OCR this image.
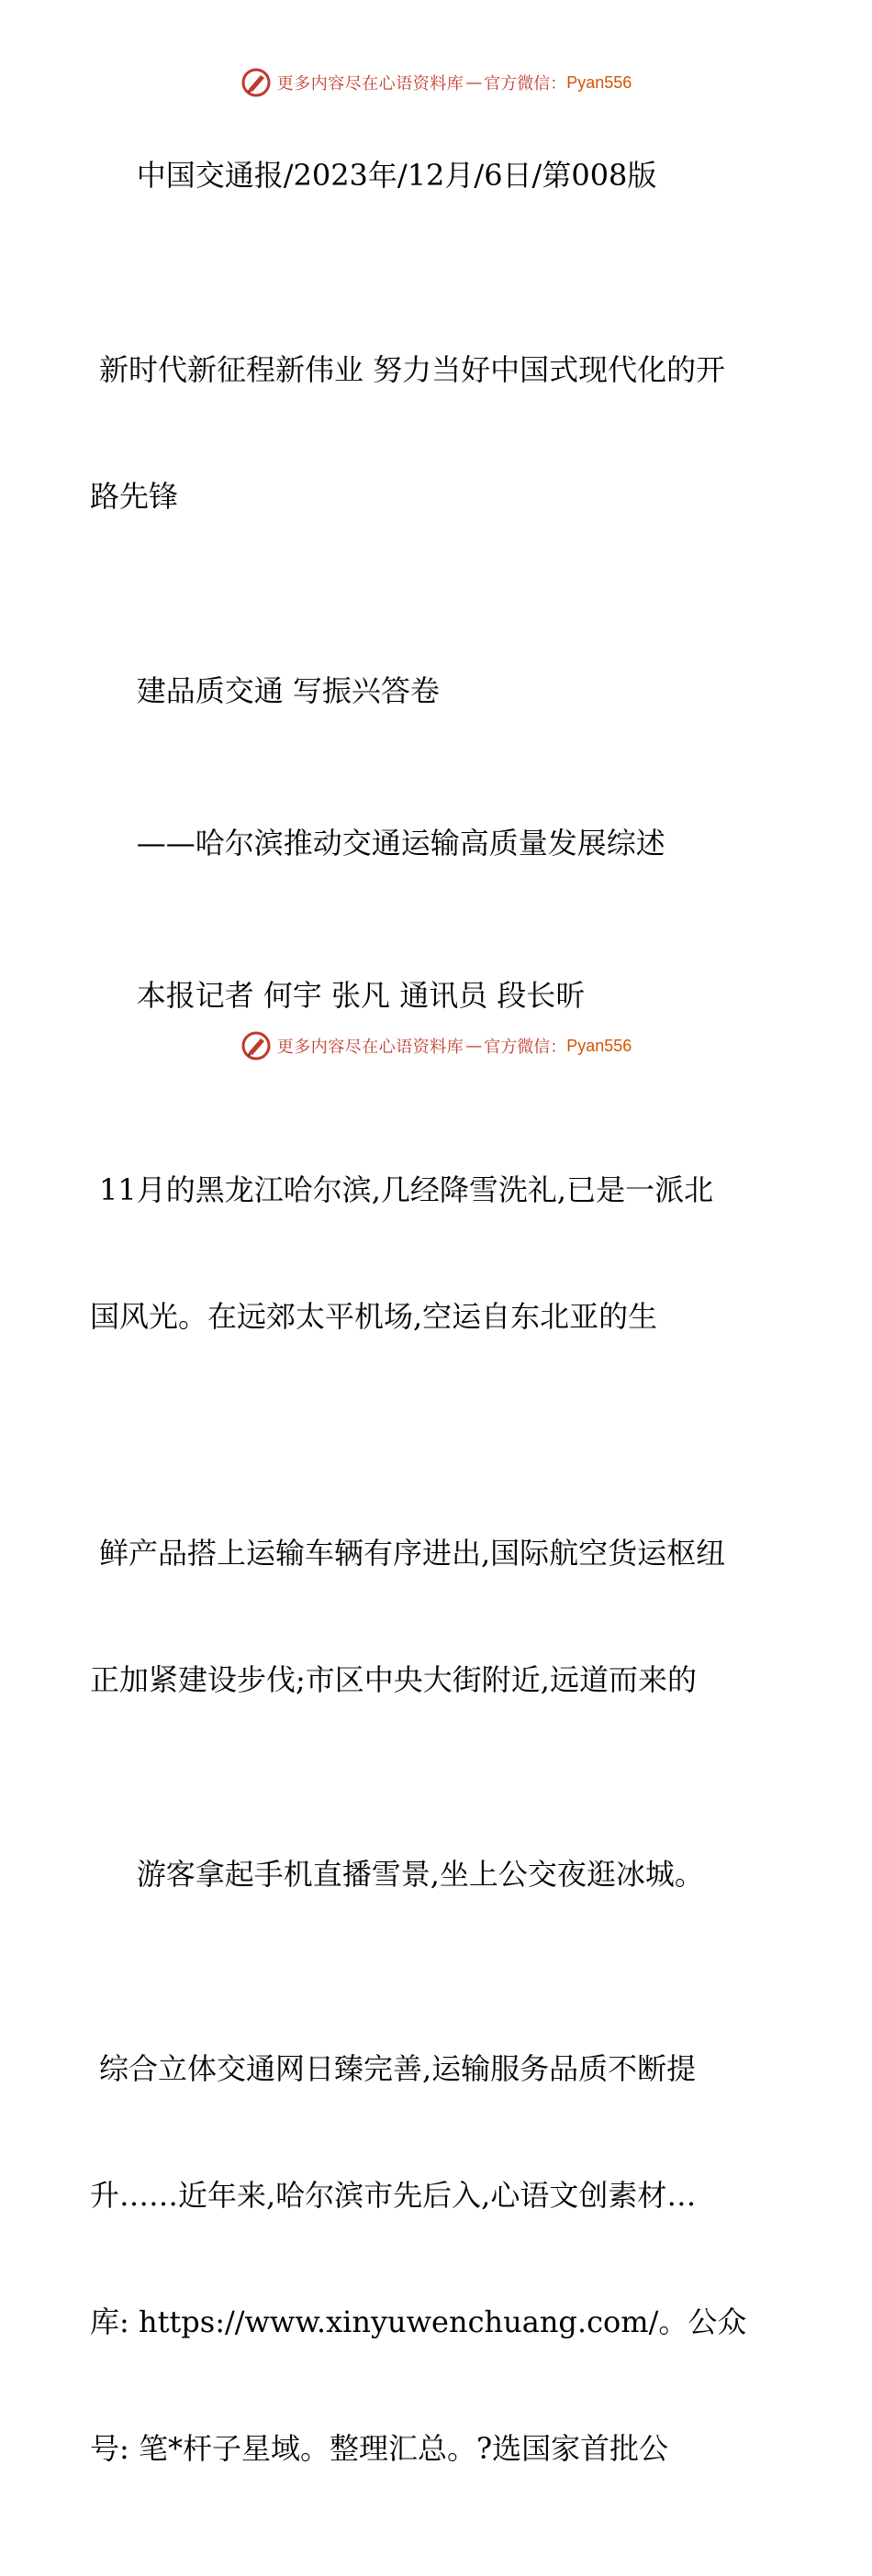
更多内容尽在心语资料库 — 官方微信： Pyan556

中国交通报/2023年/12月/6日/第008版

新时代新征程新伟业 努力当好中国式现代化的开

路先锋

建品质交通 写振兴答卷

——哈尔滨推动交通运输高质量发展综述

本报记者 何宇 张凡 通讯员 段长昕

11月的黑龙江哈尔滨,几经降雪洗礼,已是一派北

国风光。在远郊太平机场,空运自东北亚的生

鲜产品搭上运输车辆有序进出,国际航空货运枢纽

正加紧建设步伐;市区中央大街附近,远道而来的

游客拿起手机直播雪景,坐上公交夜逛冰城。

综合立体交通网日臻完善,运输服务品质不断提

升……近年来,哈尔滨市先后入,心语文创素材…

库: https://www.xinyuwenchuang.com/。公众

号: 笔*杆子星域。整理汇总。?选国家首批公

更多内容尽在心语资料库 — 官方微信： Pyan556
